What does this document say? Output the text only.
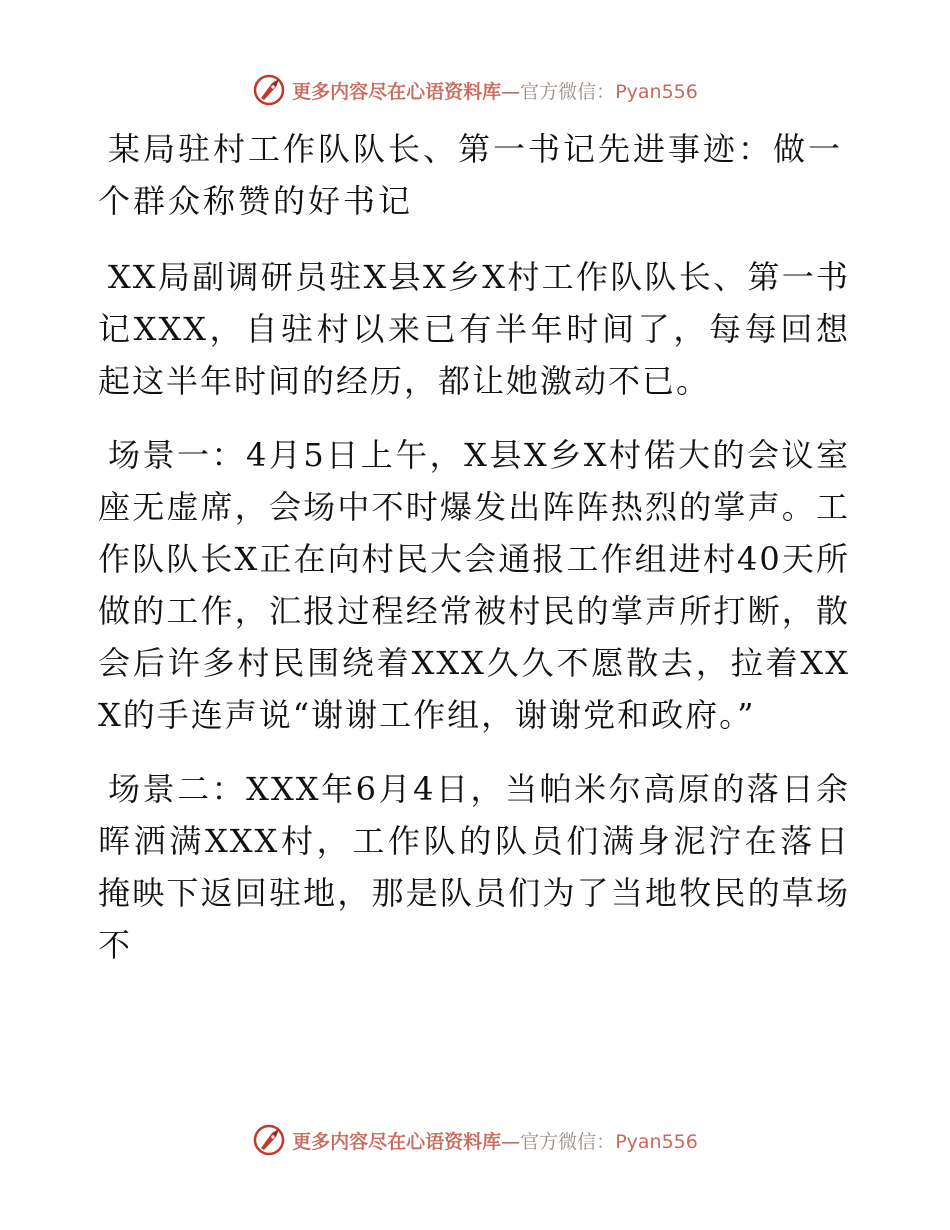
更多内容尽在心语资料库—官方微信：Pyan556
某局驻村工作队队长、第一书记先进事迹：做一个群众称赞的好书记

XX局副调研员驻X县X乡X村工作队队长、第一书记XXX，自驻村以来已有半年时间了，每每回想起这半年时间的经历，都让她激动不已。

场景一：4月5日上午，X县X乡X村偌大的会议室座无虚席，会场中不时爆发出阵阵热烈的掌声。工作队队长X正在向村民大会通报工作组进村40天所做的工作，汇报过程经常被村民的掌声所打断，散会后许多村民围绕着XXX久久不愿散去，拉着XXX的手连声说“谢谢工作组，谢谢党和政府。”

场景二：XXX年6月4日，当帕米尔高原的落日余晖洒满XXX村，工作队的队员们满身泥泞在落日掩映下返回驻地，那是队员们为了当地牧民的草场不

更多内容尽在心语资料库—官方微信：Pyan556
